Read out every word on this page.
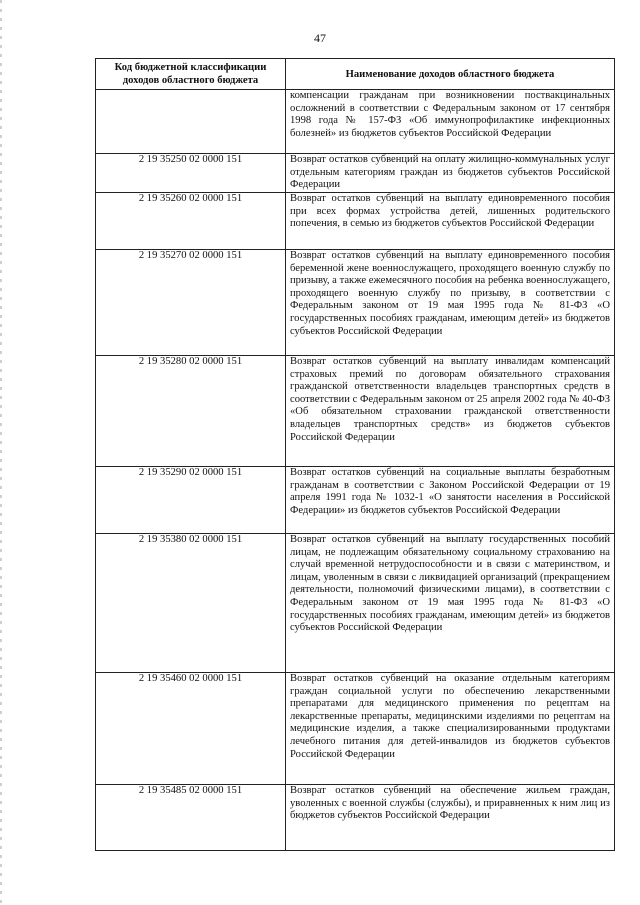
47
Код бюджетной классификации доходов областного бюджета	Наименование доходов областного бюджета
	компенсации гражданам при возникновении поствакцинальных осложнений в соответствии с Федеральным законом от 17 сентября 1998 года № 157-ФЗ «Об иммунопрофилактике инфекционных болезней» из бюджетов субъектов Российской Федерации
2 19 35250 02 0000 151	Возврат остатков субвенций на оплату жилищно-коммунальных услуг отдельным категориям граждан из бюджетов субъектов Российской Федерации
2 19 35260 02 0000 151	Возврат остатков субвенций на выплату единовременного пособия при всех формах устройства детей, лишенных родительского попечения, в семью из бюджетов субъектов Российской Федерации
2 19 35270 02 0000 151	Возврат остатков субвенций на выплату единовременного пособия беременной жене военнослужащего, проходящего военную службу по призыву, а также ежемесячного пособия на ребенка военнослужащего, проходящего военную службу по призыву, в соответствии с Федеральным законом от 19 мая 1995 года № 81-ФЗ «О государственных пособиях гражданам, имеющим детей» из бюджетов субъектов Российской Федерации
2 19 35280 02 0000 151	Возврат остатков субвенций на выплату инвалидам компенсаций страховых премий по договорам обязательного страхования гражданской ответственности владельцев транспортных средств в соответствии с Федеральным законом от 25 апреля 2002 года № 40-ФЗ «Об обязательном страховании гражданской ответственности владельцев транспортных средств» из бюджетов субъектов Российской Федерации
2 19 35290 02 0000 151	Возврат остатков субвенций на социальные выплаты безработным гражданам в соответствии с Законом Российской Федерации от 19 апреля 1991 года № 1032-1 «О занятости населения в Российской Федерации» из бюджетов субъектов Российской Федерации
2 19 35380 02 0000 151	Возврат остатков субвенций на выплату государственных пособий лицам, не подлежащим обязательному социальному страхованию на случай временной нетрудоспособности и в связи с материнством, и лицам, уволенным в связи с ликвидацией организаций (прекращением деятельности, полномочий физическими лицами), в соответствии с Федеральным законом от 19 мая 1995 года № 81-ФЗ «О государственных пособиях гражданам, имеющим детей» из бюджетов субъектов Российской Федерации
2 19 35460 02 0000 151	Возврат остатков субвенций на оказание отдельным категориям граждан социальной услуги по обеспечению лекарственными препаратами для медицинского применения по рецептам на лекарственные препараты, медицинскими изделиями по рецептам на медицинские изделия, а также специализированными продуктами лечебного питания для детей-инвалидов из бюджетов субъектов Российской Федерации
2 19 35485 02 0000 151	Возврат остатков субвенций на обеспечение жильем граждан, уволенных с военной службы (службы), и приравненных к ним лиц из бюджетов субъектов Российской Федерации
